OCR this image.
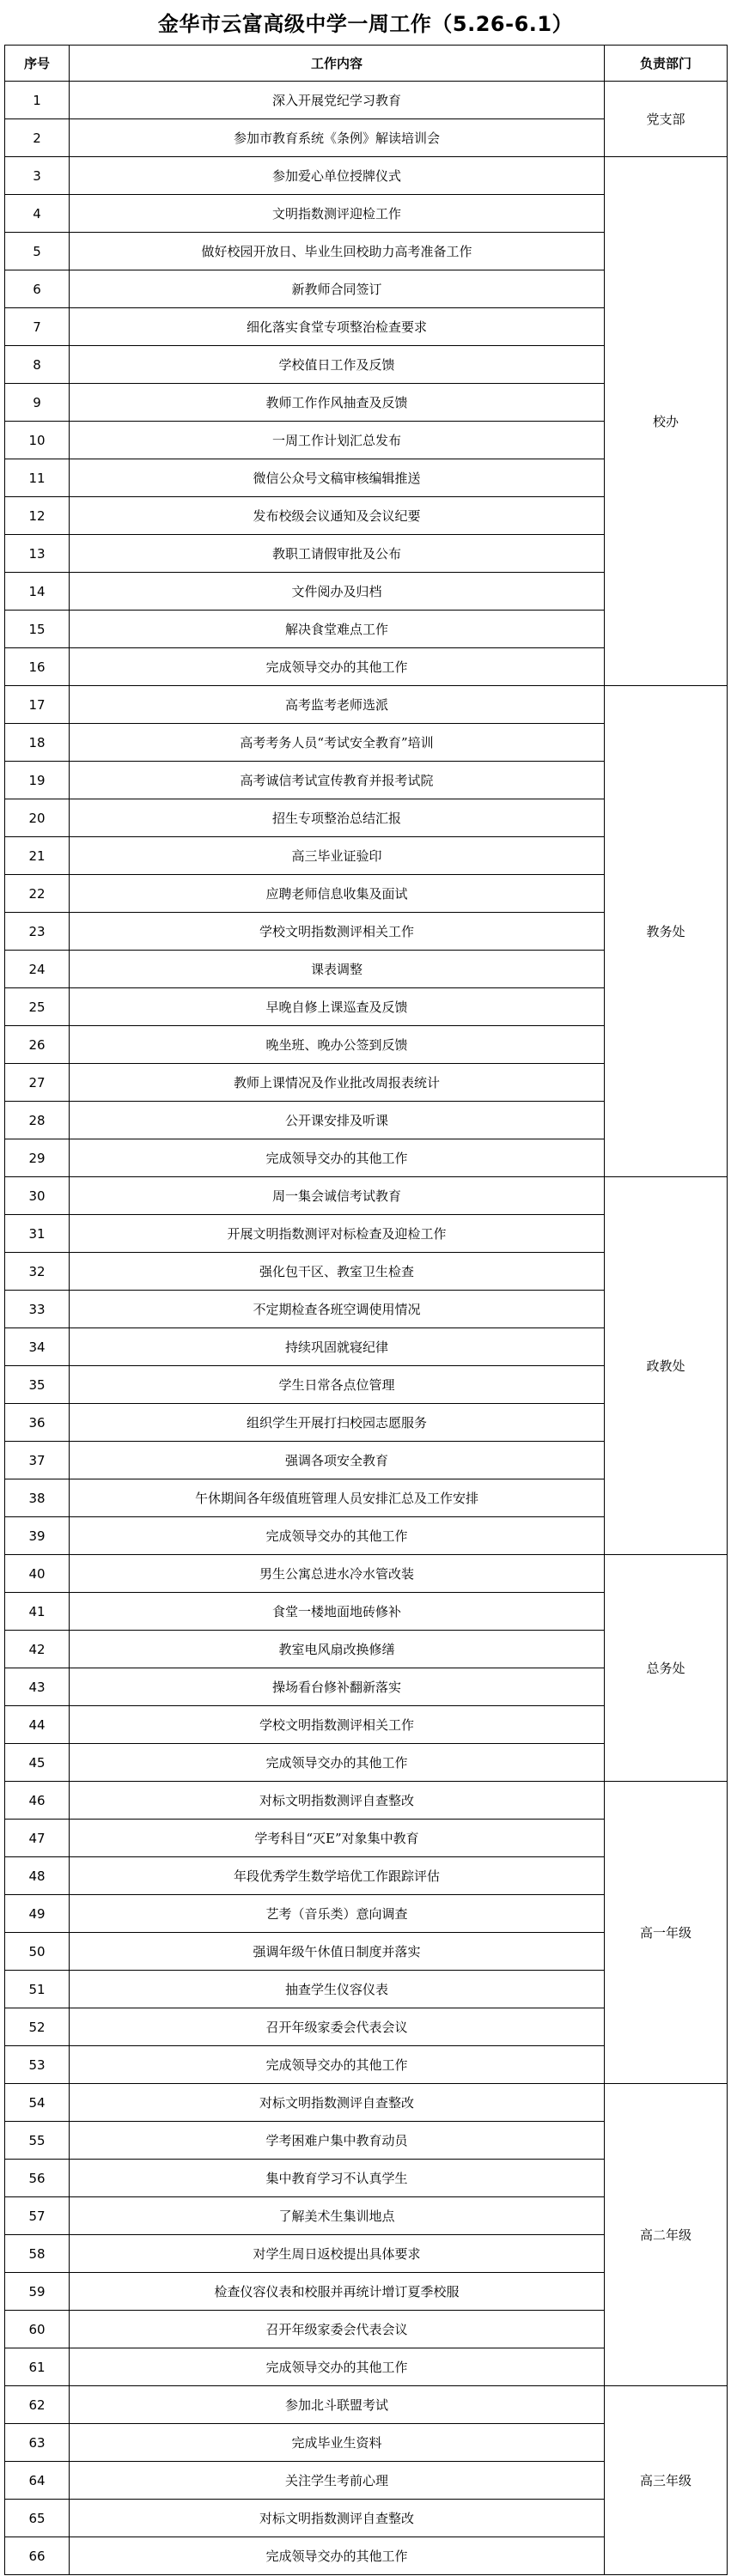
金华市云富高级中学一周工作（5.26-6.1）
序号	工作内容	负责部门
1	深入开展党纪学习教育	党支部
2	参加市教育系统《条例》解读培训会	
3	参加爱心单位授牌仪式	校办
4	文明指数测评迎检工作	
5	做好校园开放日、毕业生回校助力高考准备工作	
6	新教师合同签订	
7	细化落实食堂专项整治检查要求	
8	学校值日工作及反馈	
9	教师工作作风抽查及反馈	
10	一周工作计划汇总发布	
11	微信公众号文稿审核编辑推送	
12	发布校级会议通知及会议纪要	
13	教职工请假审批及公布	
14	文件阅办及归档	
15	解决食堂难点工作	
16	完成领导交办的其他工作	
17	高考监考老师选派	教务处
18	高考考务人员“考试安全教育”培训	
19	高考诚信考试宣传教育并报考试院	
20	招生专项整治总结汇报	
21	高三毕业证验印	
22	应聘老师信息收集及面试	
23	学校文明指数测评相关工作	
24	课表调整	
25	早晚自修上课巡查及反馈	
26	晚坐班、晚办公签到反馈	
27	教师上课情况及作业批改周报表统计	
28	公开课安排及听课	
29	完成领导交办的其他工作	
30	周一集会诚信考试教育	政教处
31	开展文明指数测评对标检查及迎检工作	
32	强化包干区、教室卫生检查	
33	不定期检查各班空调使用情况	
34	持续巩固就寝纪律	
35	学生日常各点位管理	
36	组织学生开展打扫校园志愿服务	
37	强调各项安全教育	
38	午休期间各年级值班管理人员安排汇总及工作安排	
39	完成领导交办的其他工作	
40	男生公寓总进水冷水管改装	总务处
41	食堂一楼地面地砖修补	
42	教室电风扇改换修缮	
43	操场看台修补翻新落实	
44	学校文明指数测评相关工作	
45	完成领导交办的其他工作	
46	对标文明指数测评自查整改	高一年级
47	学考科目“灭E”对象集中教育	
48	年段优秀学生数学培优工作跟踪评估	
49	艺考（音乐类）意向调查	
50	强调年级午休值日制度并落实	
51	抽查学生仪容仪表	
52	召开年级家委会代表会议	
53	完成领导交办的其他工作	
54	对标文明指数测评自查整改	高二年级
55	学考困难户集中教育动员	
56	集中教育学习不认真学生	
57	了解美术生集训地点	
58	对学生周日返校提出具体要求	
59	检查仪容仪表和校服并再统计增订夏季校服	
60	召开年级家委会代表会议	
61	完成领导交办的其他工作	
62	参加北斗联盟考试	高三年级
63	完成毕业生资料	
64	关注学生考前心理	
65	对标文明指数测评自查整改	
66	完成领导交办的其他工作	
